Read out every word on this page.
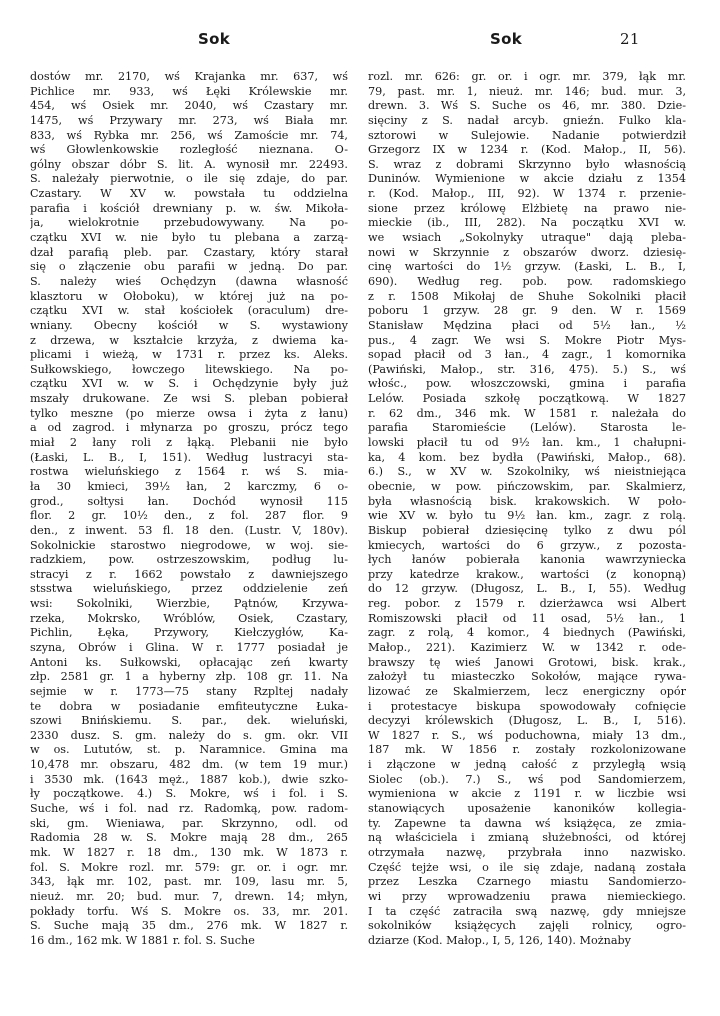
Sok	Sok	21
dostów mr. 2170, wś Krajanka mr. 637, wś
Pichlice mr. 933, wś Łęki Królewskie mr.
454, wś Osiek mr. 2040, wś Czastary mr.
1475, wś Przywary mr. 273, wś Biała mr.
833, wś Rybka mr. 256, wś Zamoście mr. 74,
wś Głowlenkowskie rozległość nieznana. O-
gólny obszar dóbr S. lit. A. wynosił mr. 22493.
S. należały pierwotnie, o ile się zdaje, do par.
Czastary. W XV w. powstała tu oddzielna
parafia i kościół drewniany p. w. św. Mikoła-
ja, wielokrotnie przebudowywany. Na po-
czątku XVI w. nie było tu plebana a zarzą-
dzał parafią pleb. par. Czastary, który starał
się o złączenie obu parafii w jedną. Do par.
S. należy wieś Ochędzyn (dawna własność
klasztoru w Ołoboku), w której już na po-
czątku XVI w. stał kościołek (oraculum) dre-
wniany. Obecny kościół w S. wystawiony
z drzewa, w kształcie krzyża, z dwiema ka-
plicami i wieżą, w 1731 r. przez ks. Aleks.
Sułkowskiego, łowczego litewskiego. Na po-
czątku XVI w. w S. i Ochędzynie były już
mszały drukowane. Ze wsi S. pleban pobierał
tylko meszne (po mierze owsa i żyta z łanu)
a od zagrod. i młynarza po groszu, prócz tego
miał 2 łany roli z łąką. Plebanii nie było
(Łaski, L. B., I, 151). Według lustracyi sta-
rostwa wieluńskiego z 1564 r. wś S. mia-
ła 30 kmieci, 39½ łan, 2 karczmy, 6 o-
grod., sołtysi łan. Dochód wynosił 115
flor. 2 gr. 10½ den., z fol. 287 flor. 9
den., z inwent. 53 fl. 18 den. (Lustr. V, 180v).
Sokolnickie starostwo niegrodowe, w woj. sie-
radzkiem, pow. ostrzeszowskim, podług lu-
stracyi z r. 1662 powstało z dawniejszego
stsstwa wieluńskiego, przez oddzielenie zeń
wsi: Sokolniki, Wierzbie, Pątnów, Krzywa-
rzeka, Mokrsko, Wróblów, Osiek, Czastary,
Pichlin, Łęka, Przywory, Kiełczygłów, Ka-
szyna, Obrów i Glina. W r. 1777 posiadał je
Antoni ks. Sułkowski, opłacając zeń kwarty
złp. 2581 gr. 1 a hyberny złp. 108 gr. 11. Na
sejmie w r. 1773—75 stany Rzpltej nadały
te dobra w posiadanie emfiteutyczne Łuka-
szowi Bnińskiemu. S. par., dek. wieluński,
2330 dusz. S. gm. należy do s. gm. okr. VII
w os. Lututów, st. p. Naramnice. Gmina ma
10,478 mr. obszaru, 482 dm. (w tem 19 mur.)
i 3530 mk. (1643 męż., 1887 kob.), dwie szko-
ły początkowe. 4.) S. Mokre, wś i fol. i S.
Suche, wś i fol. nad rz. Radomką, pow. radom-
ski, gm. Wieniawa, par. Skrzynno, odl. od
Radomia 28 w. S. Mokre mają 28 dm., 265
mk. W 1827 r. 18 dm., 130 mk. W 1873 r.
fol. S. Mokre rozl. mr. 579: gr. or. i ogr. mr.
343, łąk mr. 102, past. mr. 109, lasu mr. 5,
nieuż. mr. 20; bud. mur. 7, drewn. 14; młyn,
pokłady torfu. Wś S. Mokre os. 33, mr. 201.
S. Suche mają 35 dm., 276 mk. W 1827 r.
16 dm., 162 mk. W 1881 r. fol. S. Suche
rozl. mr. 626: gr. or. i ogr. mr. 379, łąk mr.
79, past. mr. 1, nieuż. mr. 146; bud. mur. 3,
drewn. 3. Wś S. Suche os 46, mr. 380. Dzie-
sięciny z S. nadał arcyb. gnieźn. Fulko kla-
sztorowi w Sulejowie. Nadanie potwierdził
Grzegorz IX w 1234 r. (Kod. Małop., II, 56).
S. wraz z dobrami Skrzynno było własnością
Duninów. Wymienione w akcie działu z 1354
r. (Kod. Małop., III, 92). W 1374 r. przenie-
sione przez królowę Elżbietę na prawo nie-
mieckie (ib., III, 282). Na początku XVI w.
we wsiach „Sokolnyky utraque" dają pleba-
nowi w Skrzynnie z obszarów dworz. dziesię-
cinę wartości do 1½ grzyw. (Łaski, L. B., I,
690). Według reg. pob. pow. radomskiego
z r. 1508 Mikołaj de Shuhe Sokolniki płacił
poboru 1 grzyw. 28 gr. 9 den. W r. 1569
Stanisław Mędzina płaci od 5½ łan., ½
pus., 4 zagr. We wsi S. Mokre Piotr Mys-
sopad płacił od 3 łan., 4 zagr., 1 komornika
(Pawiński, Małop., str. 316, 475). 5.) S., wś
włośc., pow. włoszczowski, gmina i parafia
Lelów. Posiada szkołę początkową. W 1827
r. 62 dm., 346 mk. W 1581 r. należała do
parafia Staromieście (Lelów). Starosta le-
lowski płacił tu od 9½ łan. km., 1 chałupni-
ka, 4 kom. bez bydła (Pawiński, Małop., 68).
6.) S., w XV w. Szokolniky, wś nieistniejąca
obecnie, w pow. pińczowskim, par. Skalmierz,
była własnością bisk. krakowskich. W poło-
wie XV w. było tu 9½ łan. km., zagr. z rolą.
Biskup pobierał dziesięcinę tylko z dwu pól
kmiecych, wartości do 6 grzyw., z pozosta-
łych łanów pobierała kanonia wawrzyniecka
przy katedrze krakow., wartości (z konopną)
do 12 grzyw. (Długosz, L. B., I, 55). Według
reg. pobor. z 1579 r. dzierżawca wsi Albert
Romiszowski płacił od 11 osad, 5½ łan., 1
zagr. z rolą, 4 komor., 4 biednych (Pawiński,
Małop., 221). Kazimierz W. w 1342 r. ode-
brawszy tę wieś Janowi Grotowi, bisk. krak.,
założył tu miasteczko Sokołów, mające rywa-
lizować ze Skalmierzem, lecz energiczny opór
i protestacye biskupa spowodowały cofnięcie
decyzyi królewskich (Długosz, L. B., I, 516).
W 1827 r. S., wś poduchowna, miały 13 dm.,
187 mk. W 1856 r. zostały rozkolonizowane
i złączone w jedną całość z przyległą wsią
Siolec (ob.). 7.) S., wś pod Sandomierzem,
wymieniona w akcie z 1191 r. w liczbie wsi
stanowiących uposażenie kanoników kollegia-
ty. Zapewne ta dawna wś książęca, ze zmia-
ną właściciela i zmianą służebności, od której
otrzymała nazwę, przybrała inno nazwisko.
Część tejże wsi, o ile się zdaje, nadaną została
przez Leszka Czarnego miastu Sandomierzo-
wi przy wprowadzeniu prawa niemieckiego.
I ta część zatraciła swą nazwę, gdy mniejsze
sokolników książęcych zajęli rolnicy, ogro-
dziarze (Kod. Małop., I, 5, 126, 140). Możnaby
